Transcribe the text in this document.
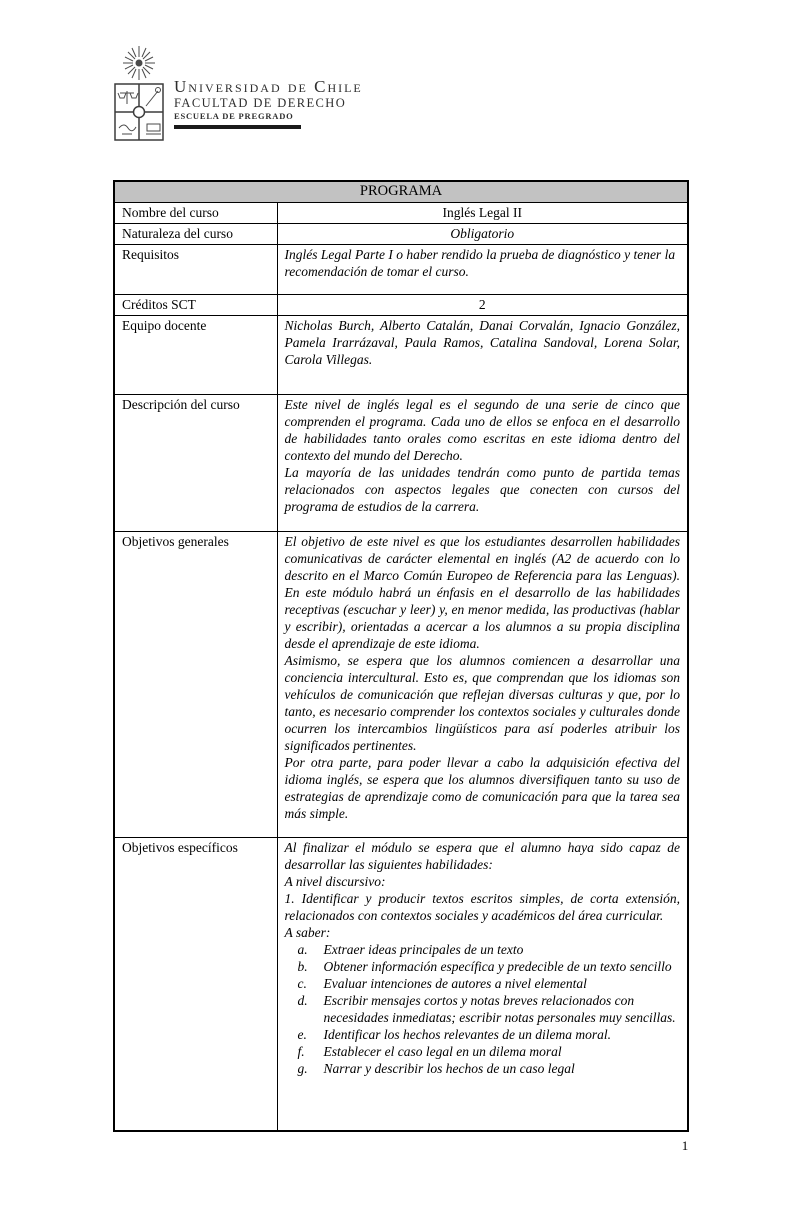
Universidad de Chile
FACULTAD DE DERECHO
ESCUELA DE PREGRADO
PROGRAMA	
Nombre del curso	Inglés Legal II
Naturaleza del curso	Obligatorio
Requisitos	Inglés Legal Parte I o haber rendido la prueba de diagnóstico y tener la recomendación de tomar el curso.

Créditos SCT	2
Equipo docente	Nicholas Burch, Alberto Catalán, Danai Corvalán, Ignacio González, Pamela Irarrázaval, Paula Ramos, Catalina Sandoval, Lorena Solar, Carola Villegas.

Descripción del curso	Este nivel de inglés legal es el segundo de una serie de cinco que comprenden el programa. Cada uno de ellos se enfoca en el desarrollo de habilidades tanto orales como escritas en este idioma dentro del contexto del mundo del Derecho.

La mayoría de las unidades tendrán como punto de partida temas relacionados con aspectos legales que conecten con cursos del programa de estudios de la carrera.

Objetivos generales	El objetivo de este nivel es que los estudiantes desarrollen habilidades comunicativas de carácter elemental en inglés (A2 de acuerdo con lo descrito en el Marco Común Europeo de Referencia para las Lenguas). En este módulo habrá un énfasis en el desarrollo de las habilidades receptivas (escuchar y leer) y, en menor medida, las productivas (hablar y escribir), orientadas a acercar a los alumnos a su propia disciplina desde el aprendizaje de este idioma.

Asimismo, se espera que los alumnos comiencen a desarrollar una conciencia intercultural. Esto es, que comprendan que los idiomas son vehículos de comunicación que reflejan diversas culturas y que, por lo tanto, es necesario comprender los contextos sociales y culturales donde ocurren los intercambios lingüísticos para así poderles atribuir los significados pertinentes.

Por otra parte, para poder llevar a cabo la adquisición efectiva del idioma inglés, se espera que los alumnos diversifiquen tanto su uso de estrategias de aprendizaje como de comunicación para que la tarea sea más simple.

Objetivos específicos	Al finalizar el módulo se espera que el alumno haya sido capaz de desarrollar las siguientes habilidades:

A nivel discursivo:

1. Identificar y producir textos escritos simples, de corta extensión, relacionados con contextos sociales y académicos del área curricular.

A saber:

a.	Extraer ideas principales de un texto
b.	Obtener información específica y predecible de un texto sencillo
c.	Evaluar intenciones de autores a nivel elemental
d.	Escribir mensajes cortos y notas breves relacionados con necesidades inmediatas; escribir notas personales muy sencillas.
e.	Identificar los hechos relevantes de un dilema moral.
f.	Establecer el caso legal en un dilema moral
g.	Narrar y describir los hechos de un caso legal
1
